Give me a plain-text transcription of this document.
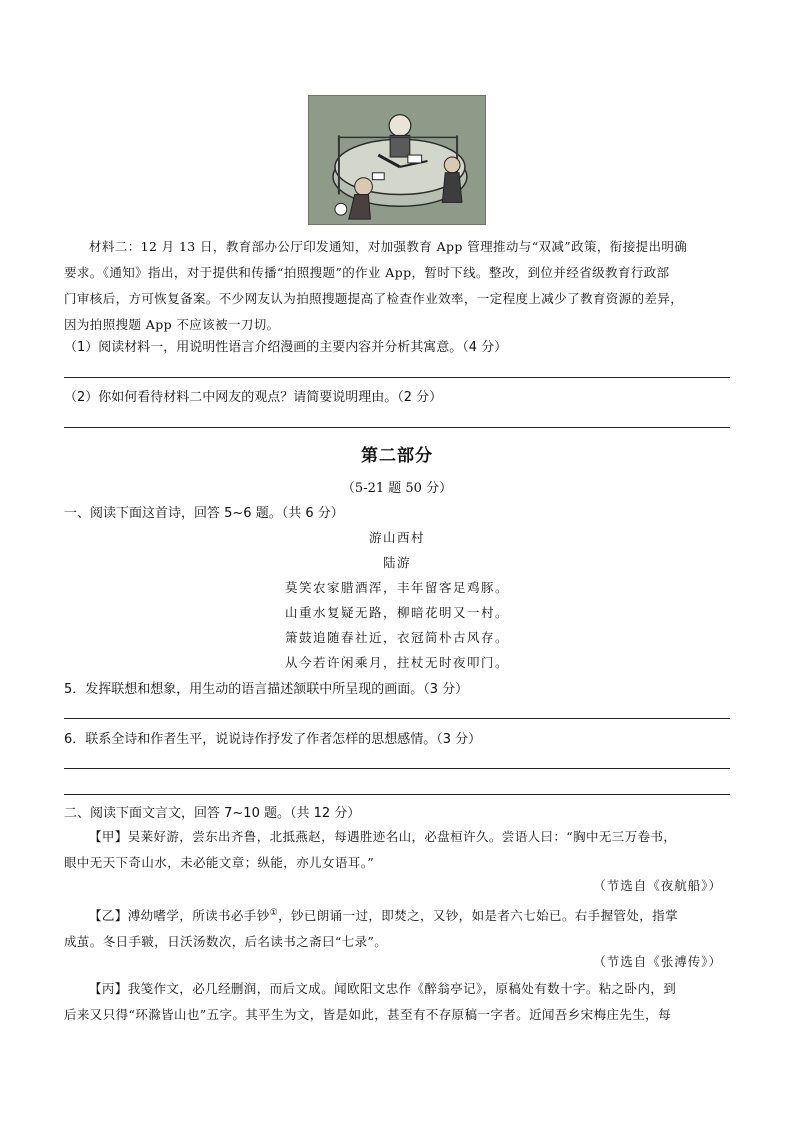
材料二：12 月 13 日，教育部办公厅印发通知，对加强教育 App 管理推动与“双减”政策，衔接提出明确
要求。《通知》指出，对于提供和传播“拍照搜题”的作业 App，暂时下线。整改，到位并经省级教育行政部
门审核后，方可恢复备案。不少网友认为拍照搜题提高了检查作业效率，一定程度上减少了教育资源的差异，
因为拍照搜题 App 不应该被一刀切。
（1）阅读材料一，用说明性语言介绍漫画的主要内容并分析其寓意。（4 分）
（2）你如何看待材料二中网友的观点？请简要说明理由。（2 分）
第二部分
（5-21 题 50 分）
一、阅读下面这首诗，回答 5~6 题。（共 6 分）
游山西村
陆游
莫笑农家腊酒浑，丰年留客足鸡豚。
山重水复疑无路，柳暗花明又一村。
箫鼓追随春社近，衣冠简朴古风存。
从今若许闲乘月，拄杖无时夜叩门。
5．发挥联想和想象，用生动的语言描述颔联中所呈现的画面。（3 分）
6．联系全诗和作者生平，说说诗作抒发了作者怎样的思想感情。（3 分）
二、阅读下面文言文，回答 7~10 题。（共 12 分）
【甲】吴莱好游，尝东出齐鲁，北抵燕赵，每遇胜迹名山，必盘桓许久。尝语人曰：“胸中无三万卷书，
眼中无天下奇山水，未必能文章；纵能，亦儿女语耳。”
（节选自《夜航船》）
【乙】溥幼嗜学，所读书必手钞①，钞已朗诵一过，即焚之，又钞，如是者六七始已。右手握管处，指掌
成茧。冬日手皲，日沃汤数次，后名读书之斋曰“七录”。
（节选自《张溥传》）
【丙】我笺作文，必几经删润，而后文成。闻欧阳文忠作《醉翁亭记》，原稿处有数十字。粘之卧内，到
后来又只得“环滁皆山也”五字。其平生为文，皆是如此，甚至有不存原稿一字者。近闻吾乡宋梅庄先生，每
